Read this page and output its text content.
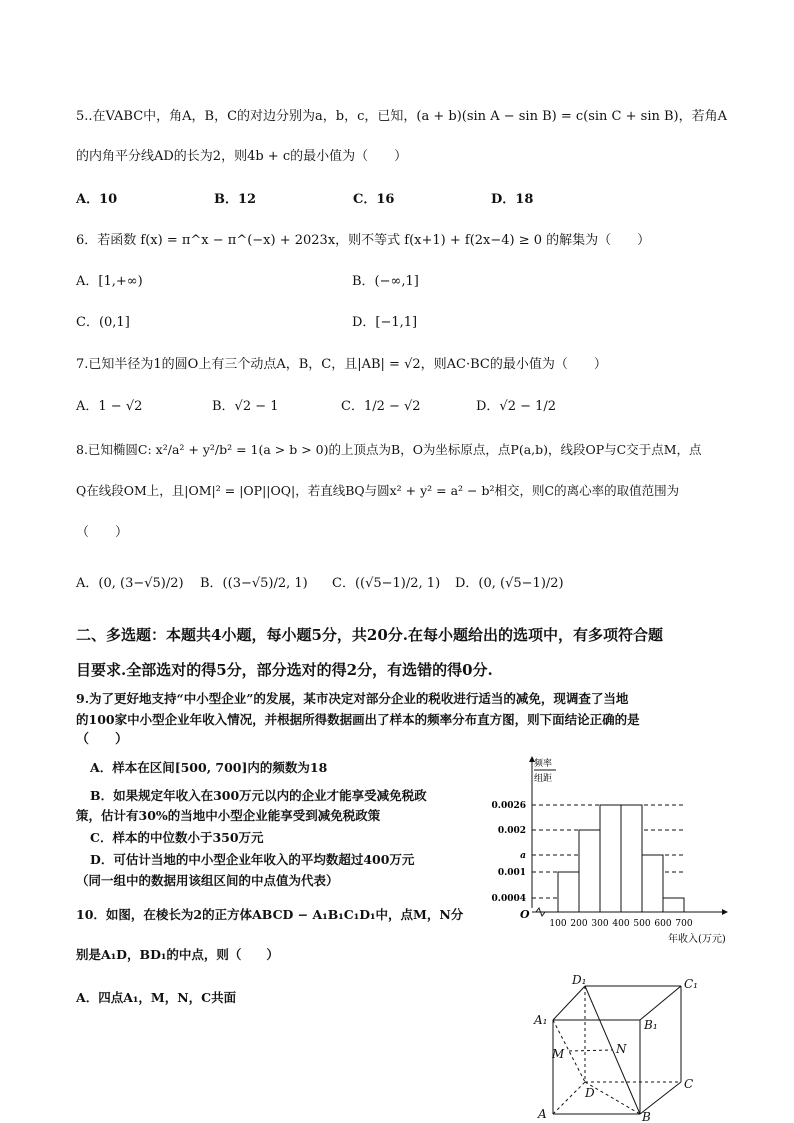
5..在VABC中，角A，B，C的对边分别为a，b，c，已知，(a + b)(sin A − sin B) = c(sin C + sin B)，若角A
的内角平分线AD的长为2，则4b + c的最小值为（　　）
A．10	B．12	C．16	D．18
6．若函数 f(x) = π^x − π^(−x) + 2023x，则不等式 f(x+1) + f(2x−4) ≥ 0 的解集为（　　）
A．[1,+∞)	B．(−∞,1]
C．(0,1]	D．[−1,1]
7.已知半径为1的圆O上有三个动点A，B，C，且|AB| = √2，则AC·BC的最小值为（　　）
A．1 − √2	B．√2 − 1	C．1/2 − √2	D．√2 − 1/2
8.已知椭圆C: x²/a² + y²/b² = 1(a > b > 0)的上顶点为B，O为坐标原点，点P(a,b)，线段OP与C交于点M，点
Q在线段OM上，且|OM|² = |OP||OQ|，若直线BQ与圆x² + y² = a² − b²相交，则C的离心率的取值范围为
（　　）
A．(0, (3−√5)/2) B．((3−√5)/2, 1) C．((√5−1)/2, 1) D．(0, (√5−1)/2)
二、多选题：本题共4小题，每小题5分，共20分.在每小题给出的选项中，有多项符合题
目要求.全部选对的得5分，部分选对的得2分，有选错的得0分.
9.为了更好地支持“中小型企业”的发展，某市决定对部分企业的税收进行适当的减免，现调查了当地
的100家中小型企业年收入情况，并根据所得数据画出了样本的频率分布直方图，则下面结论正确的是
（　　）
A．样本在区间[500, 700]内的频数为18
B．如果规定年收入在300万元以内的企业才能享受减免税政
策，估计有30%的当地中小型企业能享受到减免税政策
C．样本的中位数小于350万元
D．可估计当地的中小型企业年收入的平均数超过400万元
（同一组中的数据用该组区间的中点值为代表）
频率
组距
0.0004
0.001
a
0.002
0.0026
100 200 300 400 500 600 700
O
年收入(万元)
10．如图，在棱长为2的正方体ABCD − A₁B₁C₁D₁中，点M，N分
别是A₁D，BD₁的中点，则（　　）
A．四点A₁，M，N，C共面
D₁	C₁
A₁	B₁
M	N
D
C
A	B
